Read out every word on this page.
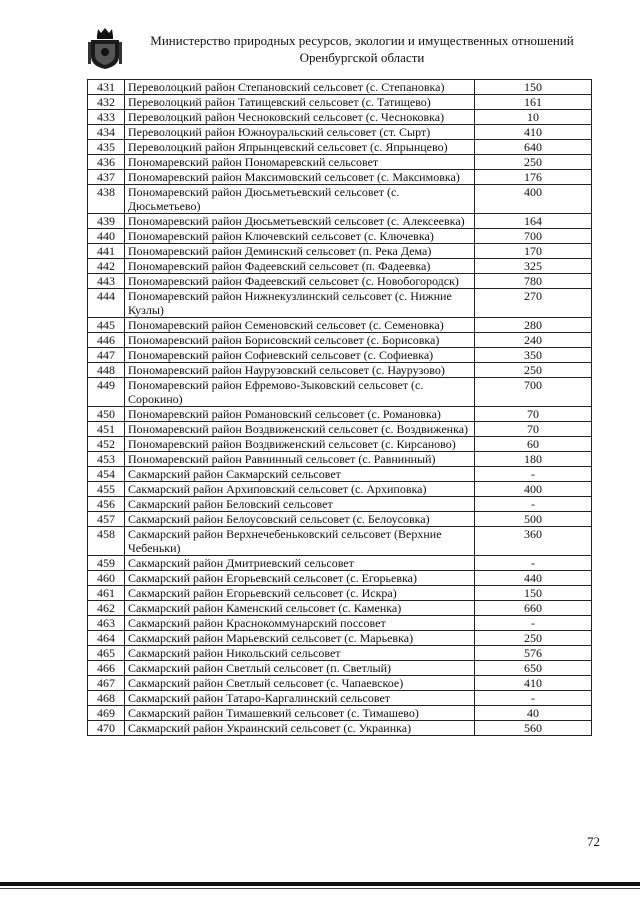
Министерство природных ресурсов, экологии и имущественных отношений
Оренбургской области
431	Переволоцкий район Степановский сельсовет (с. Степановка)	150
432	Переволоцкий район Татищевский сельсовет (с. Татищево)	161
433	Переволоцкий район Чесноковский сельсовет (с. Чесноковка)	10
434	Переволоцкий район Южноуральский сельсовет (ст. Сырт)	410
435	Переволоцкий район Япрынцевский сельсовет (с. Япрынцево)	640
436	Пономаревский район Пономаревский сельсовет	250
437	Пономаревский район Максимовский сельсовет (с. Максимовка)	176
438	Пономаревский район Дюсьметьевский сельсовет (с. Дюсьметьево)	400
439	Пономаревский район Дюсьметьевский сельсовет (с. Алексеевка)	164
440	Пономаревский район Ключевский сельсовет (с. Ключевка)	700
441	Пономаревский район Деминский сельсовет (п. Река Дема)	170
442	Пономаревский район Фадеевский сельсовет (п. Фадеевка)	325
443	Пономаревский район Фадеевский сельсовет (с. Новобогородск)	780
444	Пономаревский район Нижнекузлинский сельсовет (с. Нижние Кузлы)	270
445	Пономаревский район Семеновский сельсовет (с. Семеновка)	280
446	Пономаревский район Борисовский сельсовет (с. Борисовка)	240
447	Пономаревский район Софиевский сельсовет (с. Софиевка)	350
448	Пономаревский район Наурузовский сельсовет (с. Наурузово)	250
449	Пономаревский район Ефремово-Зыковский сельсовет (с. Сорокино)	700
450	Пономаревский район Романовский сельсовет (с. Романовка)	70
451	Пономаревский район Воздвиженский сельсовет (с. Воздвиженка)	70
452	Пономаревский район Воздвиженский сельсовет (с. Кирсаново)	60
453	Пономаревский район Равнинный сельсовет (с. Равнинный)	180
454	Сакмарский район Сакмарский сельсовет	-
455	Сакмарский район Архиповский сельсовет (с. Архиповка)	400
456	Сакмарский район Беловский сельсовет	-
457	Сакмарский район Белоусовский сельсовет (с. Белоусовка)	500
458	Сакмарский район Верхнечебеньковский сельсовет (Верхние Чебеньки)	360
459	Сакмарский район Дмитриевский сельсовет	-
460	Сакмарский район Егорьевский сельсовет (с. Егорьевка)	440
461	Сакмарский район Егорьевский сельсовет (с. Искра)	150
462	Сакмарский район Каменский сельсовет (с. Каменка)	660
463	Сакмарский район Краснокоммунарский поссовет	-
464	Сакмарский район Марьевский сельсовет (с. Марьевка)	250
465	Сакмарский район Никольский сельсовет	576
466	Сакмарский район Светлый сельсовет (п. Светлый)	650
467	Сакмарский район Светлый сельсовет (с. Чапаевское)	410
468	Сакмарский район Татаро-Каргалинский сельсовет	-
469	Сакмарский район Тимашевкий сельсовет (с. Тимашево)	40
470	Сакмарский район Украинский сельсовет (с. Украинка)	560
72
